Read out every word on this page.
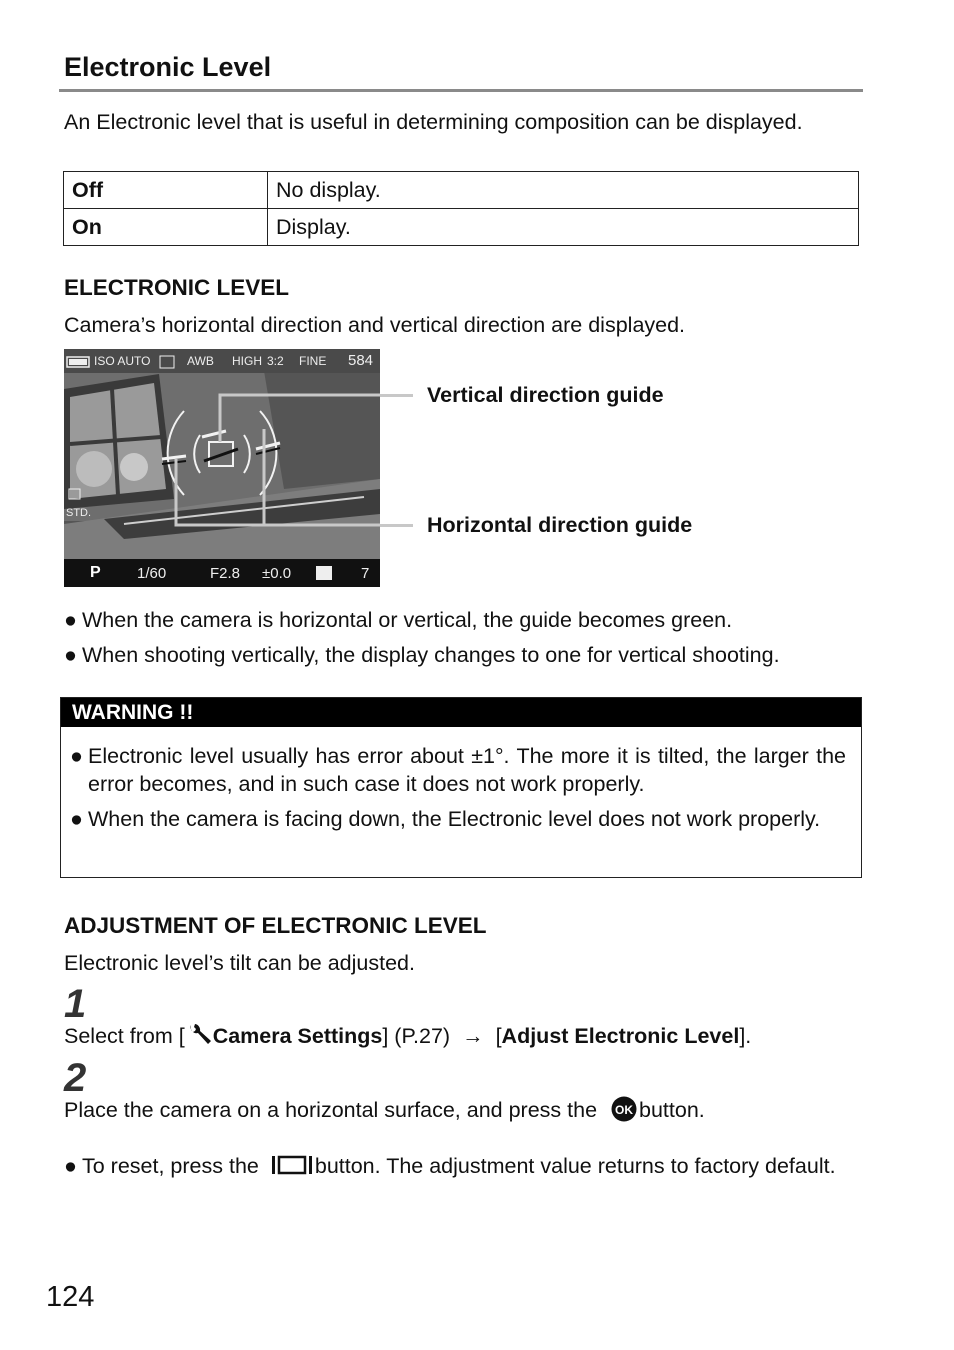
Electronic Level
An Electronic level that is useful in determining composition can be displayed.
Off	No display.
On	Display.
ELECTRONIC LEVEL
Camera’s horizontal direction and vertical direction are displayed.
ISO AUTO	AWB HIGH 3:2 FINE 584
STD.
P 1/60	F2.8 ±0.0	7
Vertical direction guide
Horizontal direction guide
● When the camera is horizontal or vertical, the guide becomes green.
● When shooting vertically, the display changes to one for vertical shooting.
WARNING !!
● Electronic level usually has error about ±1°. The more it is tilted, the larger the error becomes, and in such case it does not work properly.
● When the camera is facing down, the Electronic level does not work properly.
ADJUSTMENT OF ELECTRONIC LEVEL
Electronic level’s tilt can be adjusted.
1
Select from [ Camera Settings] (P.27) → [Adjust Electronic Level].
2
Place the camera on a horizontal surface, and press the OK button.
● To reset, press the	button. The adjustment value returns to factory default.
124
